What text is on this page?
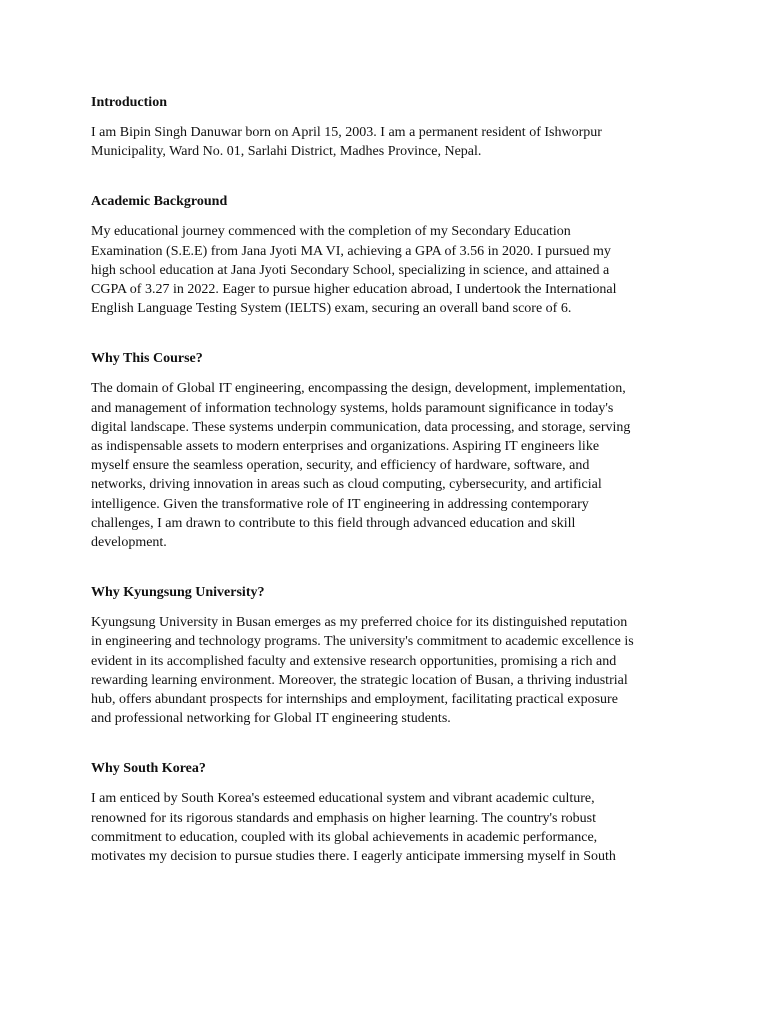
Introduction
I am Bipin Singh Danuwar born on April 15, 2003. I am a permanent resident of Ishworpur
Municipality, Ward No. 01, Sarlahi District, Madhes Province, Nepal.
Academic Background
My educational journey commenced with the completion of my Secondary Education
Examination (S.E.E) from Jana Jyoti MA VI, achieving a GPA of 3.56 in 2020. I pursued my
high school education at Jana Jyoti Secondary School, specializing in science, and attained a
CGPA of 3.27 in 2022. Eager to pursue higher education abroad, I undertook the International
English Language Testing System (IELTS) exam, securing an overall band score of 6.
Why This Course?
The domain of Global IT engineering, encompassing the design, development, implementation,
and management of information technology systems, holds paramount significance in today's
digital landscape. These systems underpin communication, data processing, and storage, serving
as indispensable assets to modern enterprises and organizations. Aspiring IT engineers like
myself ensure the seamless operation, security, and efficiency of hardware, software, and
networks, driving innovation in areas such as cloud computing, cybersecurity, and artificial
intelligence. Given the transformative role of IT engineering in addressing contemporary
challenges, I am drawn to contribute to this field through advanced education and skill
development.
Why Kyungsung University?
Kyungsung University in Busan emerges as my preferred choice for its distinguished reputation
in engineering and technology programs. The university's commitment to academic excellence is
evident in its accomplished faculty and extensive research opportunities, promising a rich and
rewarding learning environment. Moreover, the strategic location of Busan, a thriving industrial
hub, offers abundant prospects for internships and employment, facilitating practical exposure
and professional networking for Global IT engineering students.
Why South Korea?
I am enticed by South Korea's esteemed educational system and vibrant academic culture,
renowned for its rigorous standards and emphasis on higher learning. The country's robust
commitment to education, coupled with its global achievements in academic performance,
motivates my decision to pursue studies there. I eagerly anticipate immersing myself in South
